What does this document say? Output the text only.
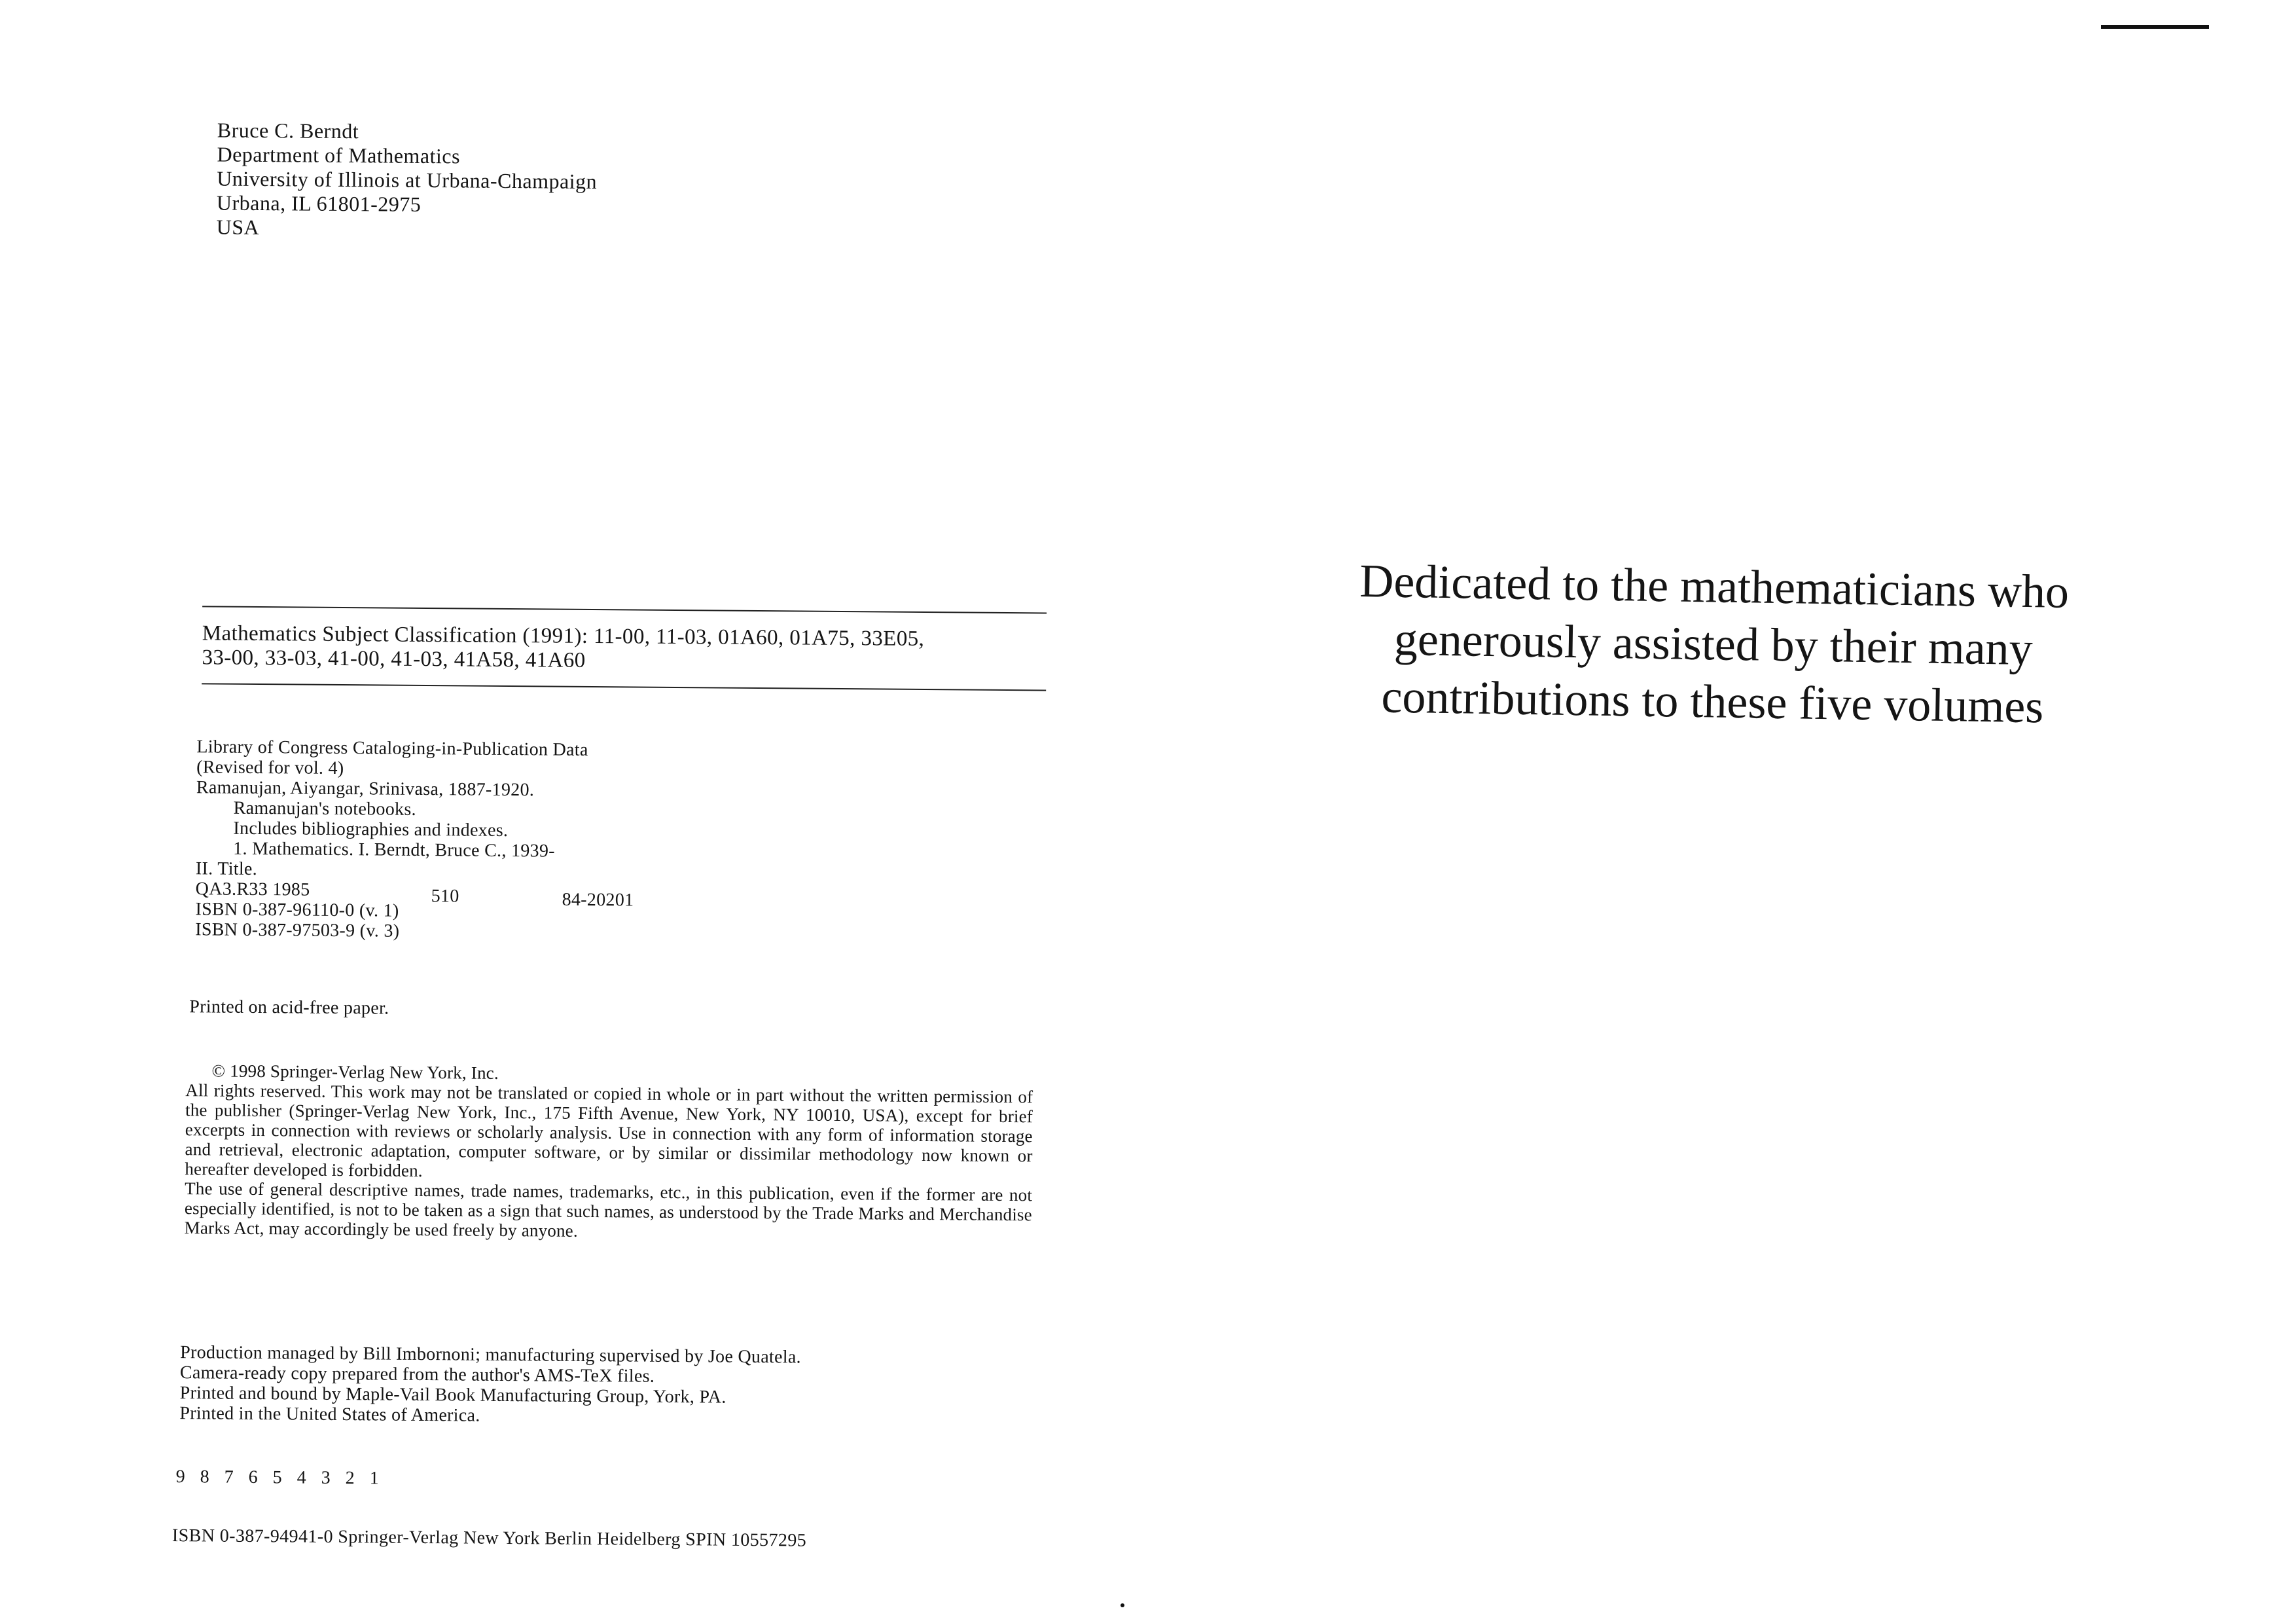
Bruce C. Berndt
Department of Mathematics
University of Illinois at Urbana-Champaign
Urbana, IL 61801-2975
USA
Mathematics Subject Classification (1991): 11-00, 11-03, 01A60, 01A75, 33E05,
33-00, 33-03, 41-00, 41-03, 41A58, 41A60
Library of Congress Cataloging-in-Publication Data
(Revised for vol. 4)
Ramanujan, Aiyangar, Srinivasa, 1887-1920.
Ramanujan's notebooks.
Includes bibliographies and indexes.
1. Mathematics. I. Berndt, Bruce C., 1939-
II. Title.
QA3.R33 1985	510	84-20201
ISBN 0-387-96110-0 (v. 1)
ISBN 0-387-97503-9 (v. 3)
Printed on acid-free paper.

© 1998 Springer-Verlag New York, Inc.

All rights reserved. This work may not be translated or copied in whole or in part without the written permission of the publisher (Springer-Verlag New York, Inc., 175 Fifth Avenue, New York, NY 10010, USA), except for brief excerpts in connection with reviews or scholarly analysis. Use in connection with any form of information storage and retrieval, electronic adaptation, computer software, or by similar or dissimilar methodology now known or hereafter developed is forbidden.

The use of general descriptive names, trade names, trademarks, etc., in this publication, even if the former are not especially identified, is not to be taken as a sign that such names, as understood by the Trade Marks and Merchandise Marks Act, may accordingly be used freely by anyone.

Production managed by Bill Imbornoni; manufacturing supervised by Joe Quatela.
Camera-ready copy prepared from the author's AMS-TeX files.
Printed and bound by Maple-Vail Book Manufacturing Group, York, PA.
Printed in the United States of America.
9 8 7 6 5 4 3 2 1
ISBN 0-387-94941-0 Springer-Verlag New York Berlin Heidelberg SPIN 10557295
Dedicated to the mathematicians who
generously assisted by their many
contributions to these five volumes
